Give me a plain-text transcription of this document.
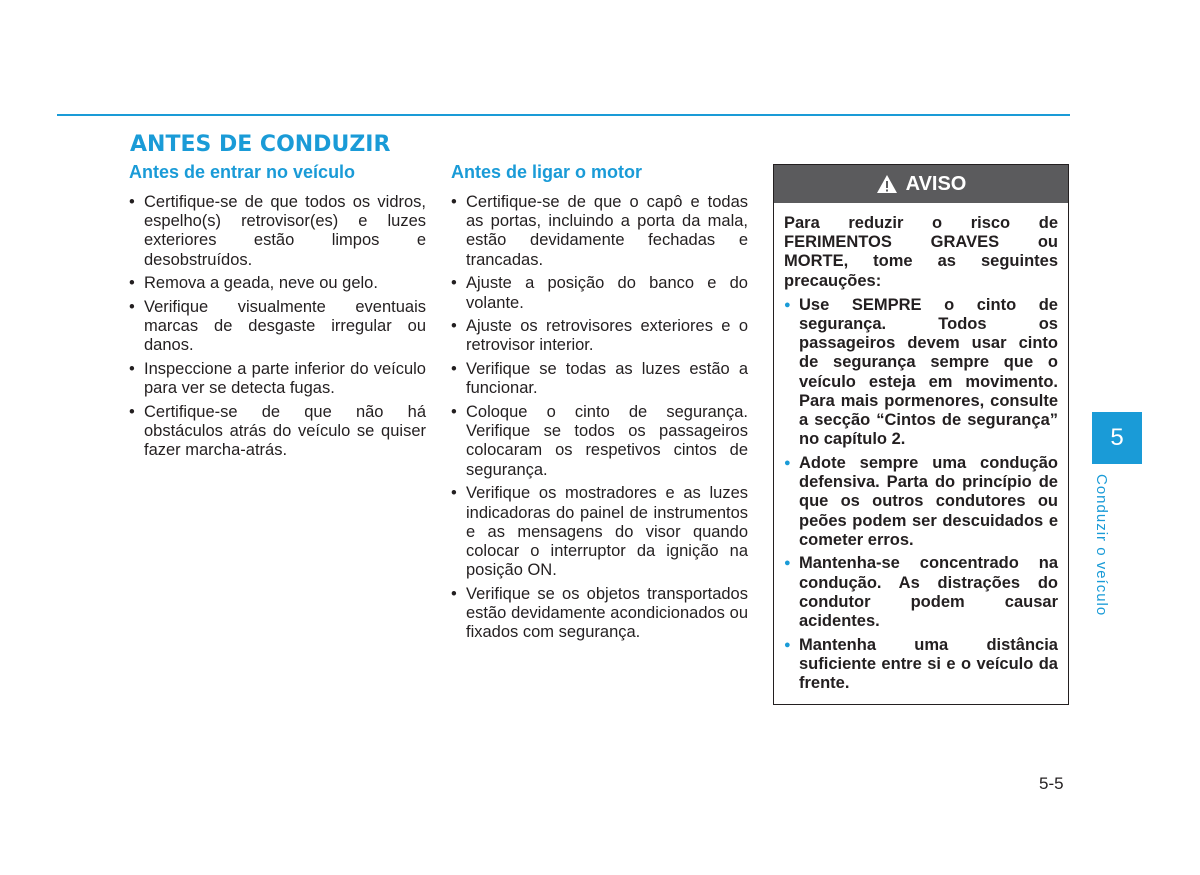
ANTES DE CONDUZIR
Antes de entrar no veículo
• Certifique-se de que todos os vidros, espelho(s) retrovisor(es) e luzes exteriores estão limpos e desobstruídos.
• Remova a geada, neve ou gelo.
• Verifique visualmente eventuais marcas de desgaste irregular ou danos.
• Inspeccione a parte inferior do veículo para ver se detecta fugas.
• Certifique-se de que não há obstáculos atrás do veículo se quiser fazer marcha-atrás.
Antes de ligar o motor
• Certifique-se de que o capô e todas as portas, incluindo a porta da mala, estão devidamente fechadas e trancadas.
• Ajuste a posição do banco e do volante.
• Ajuste os retrovisores exteriores e o retrovisor interior.
• Verifique se todas as luzes estão a funcionar.
• Coloque o cinto de segurança. Verifique se todos os passageiros colocaram os respetivos cintos de segurança.
• Verifique os mostradores e as luzes indicadoras do painel de instrumentos e as mensagens do visor quando colocar o interruptor da ignição na posição ON.
• Verifique se os objetos transportados estão devidamente acondicionados ou fixados com segurança.
AVISO

Para reduzir o risco de FERIMENTOS GRAVES ou MORTE, tome as seguintes precauções:

● Use SEMPRE o cinto de segurança. Todos os passageiros devem usar cinto de segurança sempre que o veículo esteja em movimento. Para mais pormenores, consulte a secção “Cintos de segurança” no capítulo 2.
● Adote sempre uma condução defensiva. Parta do princípio de que os outros condutores ou peões podem ser descuidados e cometer erros.
● Mantenha-se concentrado na condução. As distrações do condutor podem causar acidentes.
● Mantenha uma distância suficiente entre si e o veículo da frente.
5
Conduzir o veículo
5-5
